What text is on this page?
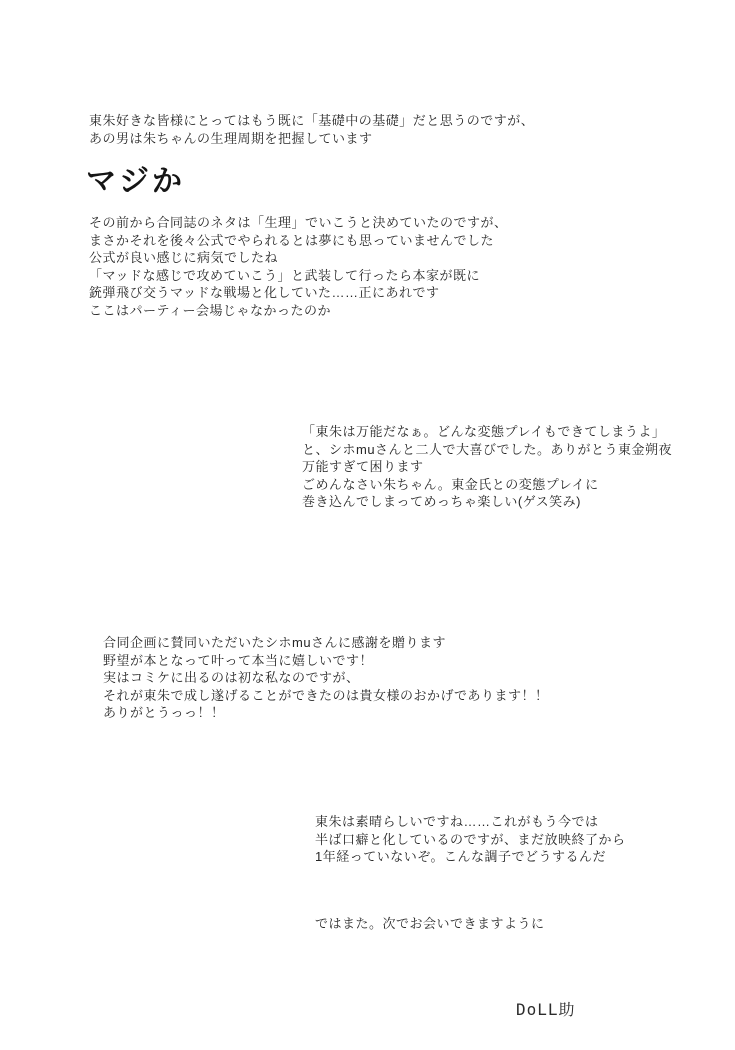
東朱好きな皆様にとってはもう既に「基礎中の基礎」だと思うのですが、
あの男は朱ちゃんの生理周期を把握しています
マジか
その前から合同誌のネタは「生理」でいこうと決めていたのですが、
まさかそれを後々公式でやられるとは夢にも思っていませんでした
公式が良い感じに病気でしたね
「マッドな感じで攻めていこう」と武装して行ったら本家が既に
銃弾飛び交うマッドな戦場と化していた……正にあれです
ここはパーティー会場じゃなかったのか
「東朱は万能だなぁ。どんな変態プレイもできてしまうよ」
と、シホmuさんと二人で大喜びでした。ありがとう東金朔夜
万能すぎて困ります
ごめんなさい朱ちゃん。東金氏との変態プレイに
巻き込んでしまってめっちゃ楽しい(ゲス笑み)
合同企画に賛同いただいたシホmuさんに感謝を贈ります
野望が本となって叶って本当に嬉しいです！
実はコミケに出るのは初な私なのですが、
それが東朱で成し遂げることができたのは貴女様のおかげであります！！
ありがとうっっ！！
東朱は素晴らしいですね……これがもう今では
半ば口癖と化しているのですが、まだ放映終了から
1年経っていないぞ。こんな調子でどうするんだ
ではまた。次でお会いできますように
DoLL助
